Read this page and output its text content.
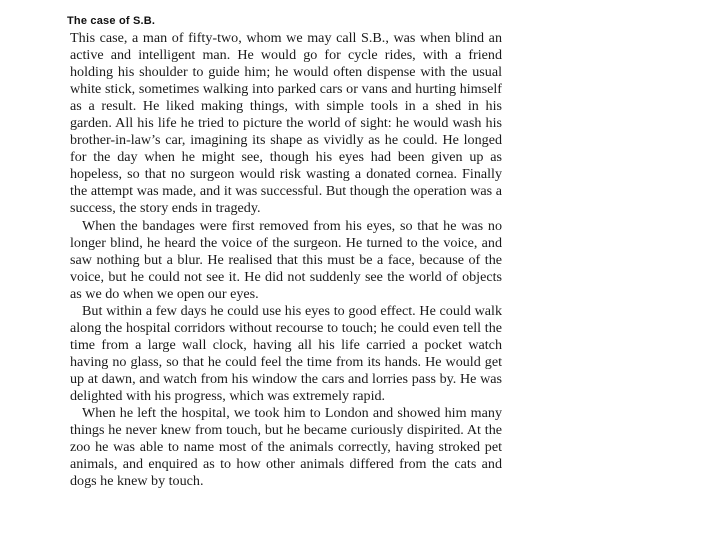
The case of S.B.

This case, a man of fifty-two, whom we may call S.B., was when blind an active and intelligent man. He would go for cycle rides, with a friend holding his shoulder to guide him; he would often dispense with the usual white stick, sometimes walking into parked cars or vans and hurting himself as a result. He liked making things, with simple tools in a shed in his garden. All his life he tried to picture the world of sight: he would wash his brother-in-law’s car, imagining its shape as vividly as he could. He longed for the day when he might see, though his eyes had been given up as hopeless, so that no surgeon would risk wasting a donated cornea. Finally the attempt was made, and it was successful. But though the operation was a success, the story ends in tragedy.

When the bandages were first removed from his eyes, so that he was no longer blind, he heard the voice of the surgeon. He turned to the voice, and saw nothing but a blur. He realised that this must be a face, because of the voice, but he could not see it. He did not suddenly see the world of objects as we do when we open our eyes.

But within a few days he could use his eyes to good effect. He could walk along the hospital corridors without recourse to touch; he could even tell the time from a large wall clock, having all his life carried a pocket watch having no glass, so that he could feel the time from its hands. He would get up at dawn, and watch from his window the cars and lorries pass by. He was delighted with his progress, which was extremely rapid.

When he left the hospital, we took him to London and showed him many things he never knew from touch, but he became curiously dispirited. At the zoo he was able to name most of the animals correctly, having stroked pet animals, and enquired as to how other animals differed from the cats and dogs he knew by touch.
